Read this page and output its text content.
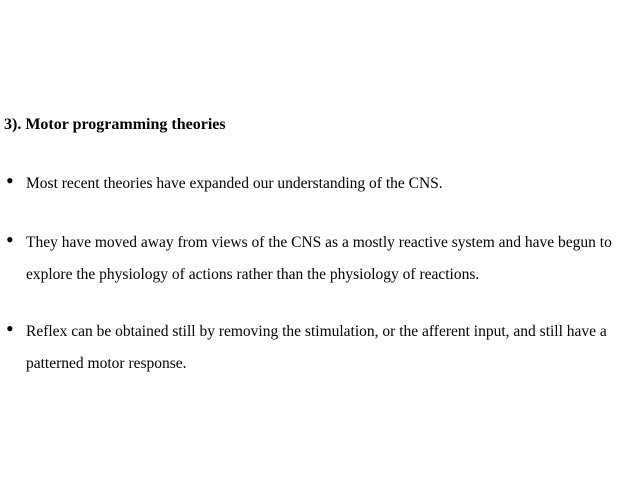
3). Motor programming theories
• Most recent theories have expanded our understanding of the CNS.
• They have moved away from views of the CNS as a mostly reactive system and have begun to explore the physiology of actions rather than the physiology of reactions.
• Reflex can be obtained still by removing the stimulation, or the afferent input, and still have a patterned motor response.
